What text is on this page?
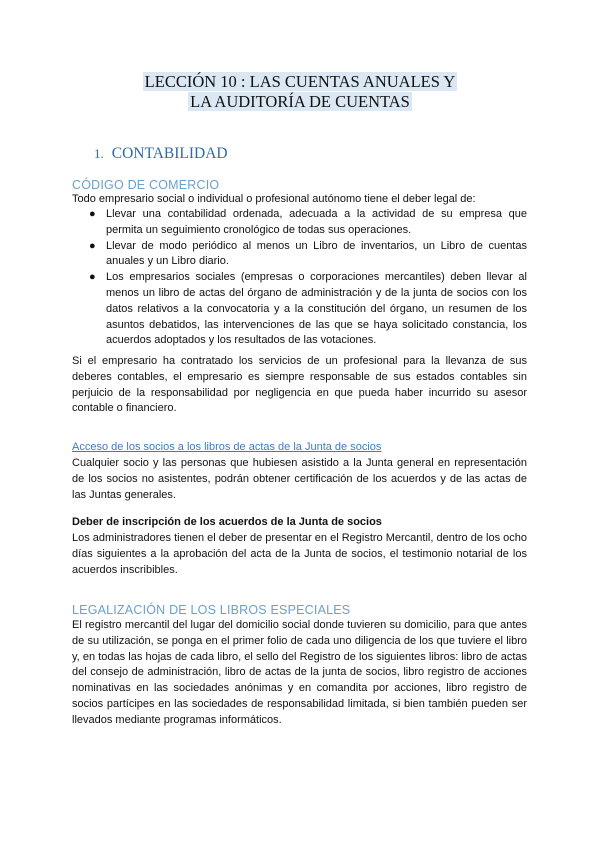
LECCIÓN 10 : LAS CUENTAS ANUALES Y
LA AUDITORÍA DE CUENTAS
1. CONTABILIDAD
CÓDIGO DE COMERCIO
Todo empresario social o individual o profesional autónomo tiene el deber legal de:
● Llevar una contabilidad ordenada, adecuada a la actividad de su empresa que permita un seguimiento cronológico de todas sus operaciones.
● Llevar de modo periódico al menos un Libro de inventarios, un Libro de cuentas anuales y un Libro diario.
● Los empresarios sociales (empresas o corporaciones mercantiles) deben llevar al menos un libro de actas del órgano de administración y de la junta de socios con los datos relativos a la convocatoria y a la constitución del órgano, un resumen de los asuntos debatidos, las intervenciones de las que se haya solicitado constancia, los acuerdos adoptados y los resultados de las votaciones.
Si el empresario ha contratado los servicios de un profesional para la llevanza de sus deberes contables, el empresario es siempre responsable de sus estados contables sin perjuicio de la responsabilidad por negligencia en que pueda haber incurrido su asesor contable o financiero.
Acceso de los socios a los libros de actas de la Junta de socios
Cualquier socio y las personas que hubiesen asistido a la Junta general en representación de los socios no asistentes, podrán obtener certificación de los acuerdos y de las actas de las Juntas generales.
Deber de inscripción de los acuerdos de la Junta de socios
Los administradores tienen el deber de presentar en el Registro Mercantil, dentro de los ocho días siguientes a la aprobación del acta de la Junta de socios, el testimonio notarial de los acuerdos inscribibles.
LEGALIZACIÓN DE LOS LIBROS ESPECIALES
El registro mercantil del lugar del domicilio social donde tuvieren su domicilio, para que antes de su utilización, se ponga en el primer folio de cada uno diligencia de los que tuviere el libro y, en todas las hojas de cada libro, el sello del Registro de los siguientes libros: libro de actas del consejo de administración, libro de actas de la junta de socios, libro registro de acciones nominativas en las sociedades anónimas y en comandita por acciones, libro registro de socios partícipes en las sociedades de responsabilidad limitada, si bien también pueden ser llevados mediante programas informáticos.
